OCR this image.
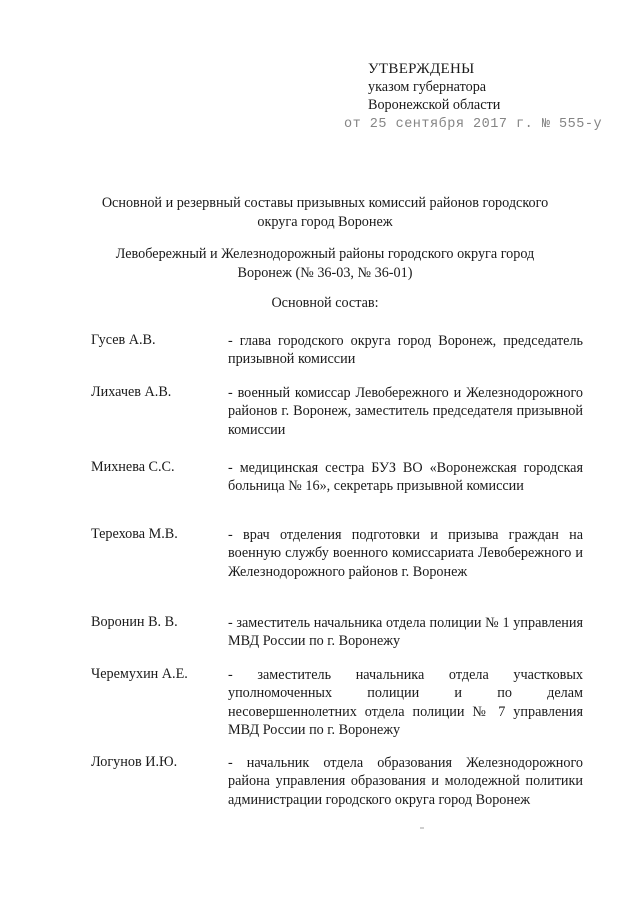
УТВЕРЖДЕНЫ
указом губернатора
Воронежской области
от 25 сентября 2017 г. № 555-у
Основной и резервный составы призывных комиссий районов городского округа город Воронеж
Левобережный и Железнодорожный районы городского округа город Воронеж (№ 36-03, № 36-01)
Основной состав:
Гусев А.В.	- глава городского округа город Воронеж, председатель призывной комиссии
Лихачев А.В.	- военный комиссар Левобережного и Железнодорожного районов г. Воронеж, заместитель председателя призывной комиссии
Михнева С.С.	- медицинская сестра БУЗ ВО «Воронежская городская больница № 16», секретарь призывной комиссии
Терехова М.В.	- врач отделения подготовки и призыва граждан на военную службу военного комиссариата Левобережного и Железнодорожного районов г. Воронеж
Воронин В. В.	- заместитель начальника отдела полиции № 1 управления МВД России по г. Воронежу
Черемухин А.Е.	- заместитель начальника отдела участковых уполномоченных полиции и по делам несовершеннолетних отдела полиции № 7 управления МВД России по г. Воронежу
Логунов И.Ю.	- начальник отдела образования Железнодорожного района управления образования и молодежной политики администрации городского округа город Воронеж
